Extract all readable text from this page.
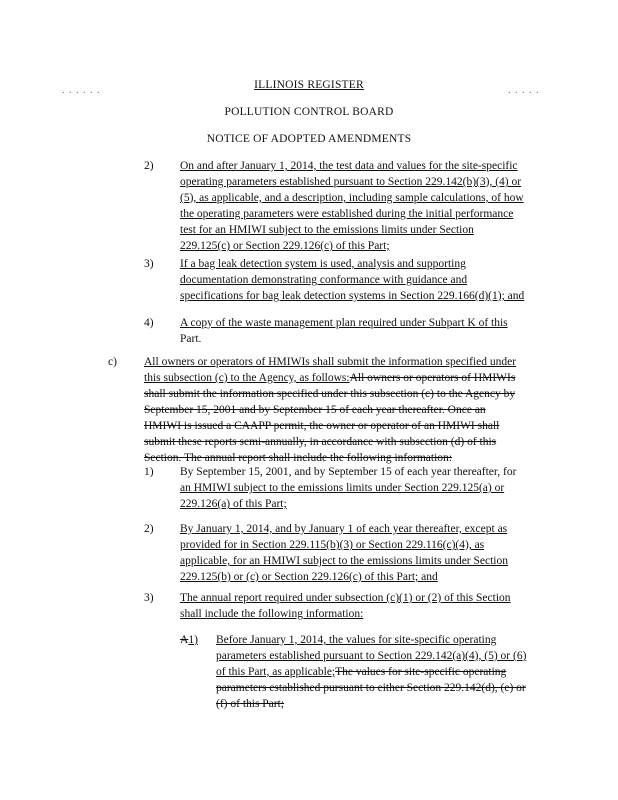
. . . . . .	. . . . .
ILLINOIS REGISTER
POLLUTION CONTROL BOARD
NOTICE OF ADOPTED AMENDMENTS
2) On and after January 1, 2014, the test data and values for the site-specific
operating parameters established pursuant to Section 229.142(b)(3), (4) or
(5), as applicable, and a description, including sample calculations, of how
the operating parameters were established during the initial performance
test for an HMIWI subject to the emissions limits under Section
229.125(c) or Section 229.126(c) of this Part;
3) If a bag leak detection system is used, analysis and supporting
documentation demonstrating conformance with guidance and
specifications for bag leak detection systems in Section 229.166(d)(1); and
4) A copy of the waste management plan required under Subpart K of this
Part.
c) All owners or operators of HMIWIs shall submit the information specified under
this subsection (c) to the Agency, as follows:All owners or operators of HMIWIs
shall submit the information specified under this subsection (c) to the Agency by
September 15, 2001 and by September 15 of each year thereafter. Once an
HMIWI is issued a CAAPP permit, the owner or operator of an HMIWI shall
submit these reports semi-annually, in accordance with subsection (d) of this
Section. The annual report shall include the following information:
1) By September 15, 2001, and by September 15 of each year thereafter, for
an HMIWI subject to the emissions limits under Section 229.125(a) or
229.126(a) of this Part;
2) By January 1, 2014, and by January 1 of each year thereafter, except as
provided for in Section 229.115(b)(3) or Section 229.116(c)(4), as
applicable, for an HMIWI subject to the emissions limits under Section
229.125(b) or (c) or Section 229.126(c) of this Part; and
3) The annual report required under subsection (c)(1) or (2) of this Section
shall include the following information:
A1) Before January 1, 2014, the values for site-specific operating
parameters established pursuant to Section 229.142(a)(4), (5) or (6)
of this Part, as applicable;The values for site-specific operating
parameters established pursuant to either Section 229.142(d), (e) or
(f) of this Part;
